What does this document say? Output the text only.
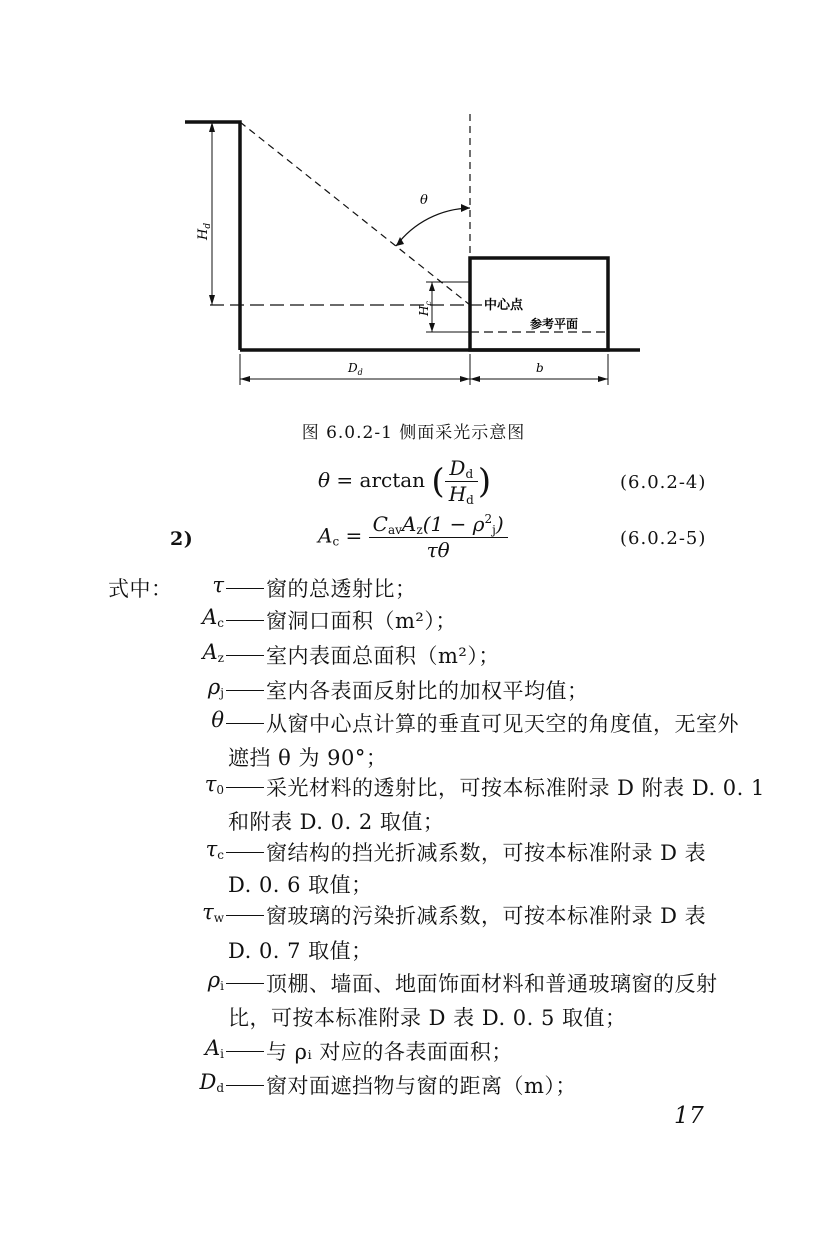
θ
$H_d$
$H_c$	中心点
参考平面
$D_d$	b
图 6.0.2-1 侧面采光示意图
θ = arctan ( $\frac{D_d}{H_d}$ )	(6.0.2-4)
2)	$A_c = \frac{C_{av}A_z(1 - \rho^2_j)}{\tau\theta}$	(6.0.2-5)
式中：	τ 窗的总透射比；
$A_c$ 窗洞口面积（m²）；
$A_z$ 室内表面总面积（m²）；
$\rho_j$ 室内各表面反射比的加权平均值；
θ 从窗中心点计算的垂直可见天空的角度值，无室外
遮挡 θ 为 90°；
$\tau_0$ 采光材料的透射比，可按本标准附录 D 附表 D. 0. 1
和附表 D. 0. 2 取值；
$\tau_c$ 窗结构的挡光折减系数，可按本标准附录 D 表
D. 0. 6 取值；
$\tau_w$ 窗玻璃的污染折减系数，可按本标准附录 D 表
D. 0. 7 取值；
$\rho_i$ 顶棚、墙面、地面饰面材料和普通玻璃窗的反射
比，可按本标准附录 D 表 D. 0. 5 取值；
$A_i$ 与 ρᵢ 对应的各表面面积；
$D_d$ 窗对面遮挡物与窗的距离（m）；
17
